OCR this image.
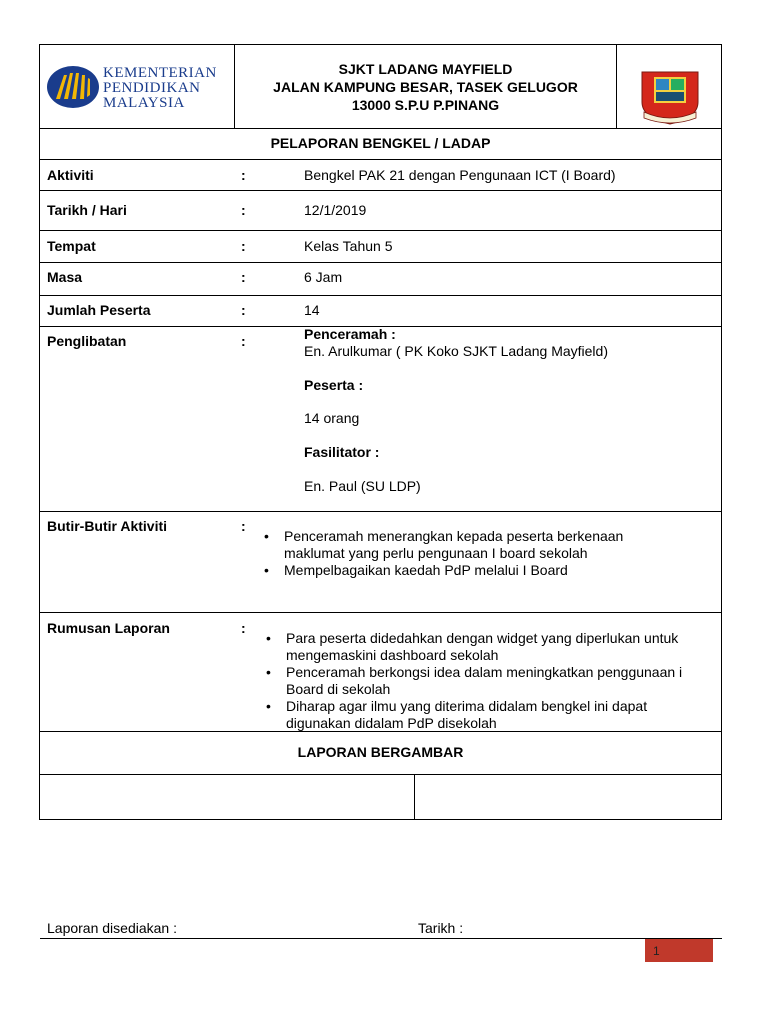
KEMENTERIAN
PENDIDIKAN
MALAYSIA
SJKT LADANG MAYFIELD
JALAN KAMPUNG BESAR, TASEK GELUGOR
13000 S.P.U P.PINANG
PELAPORAN BENGKEL / LADAP
Aktiviti	:	Bengkel PAK 21 dengan Pengunaan ICT (I Board)
Tarikh / Hari	:	12/1/2019
Tempat	:	Kelas Tahun 5
Masa	:	6 Jam
Jumlah Peserta	:	14
Penglibatan	:	Penceramah :
En. Arulkumar ( PK Koko SJKT Ladang Mayfield)
Peserta :
14 orang
Fasilitator :
En. Paul (SU LDP)
Butir-Butir Aktiviti	:
• Penceramah menerangkan kepada peserta berkenaan maklumat yang perlu pengunaan I board sekolah
• Mempelbagaikan kaedah PdP melalui I Board
Rumusan Laporan	:
• Para peserta didedahkan dengan widget yang diperlukan untuk mengemaskini dashboard sekolah
• Penceramah berkongsi idea dalam meningkatkan penggunaan i Board di sekolah
• Diharap agar ilmu yang diterima didalam bengkel ini dapat digunakan didalam PdP disekolah
LAPORAN BERGAMBAR
Laporan disediakan :	Tarikh :
1
